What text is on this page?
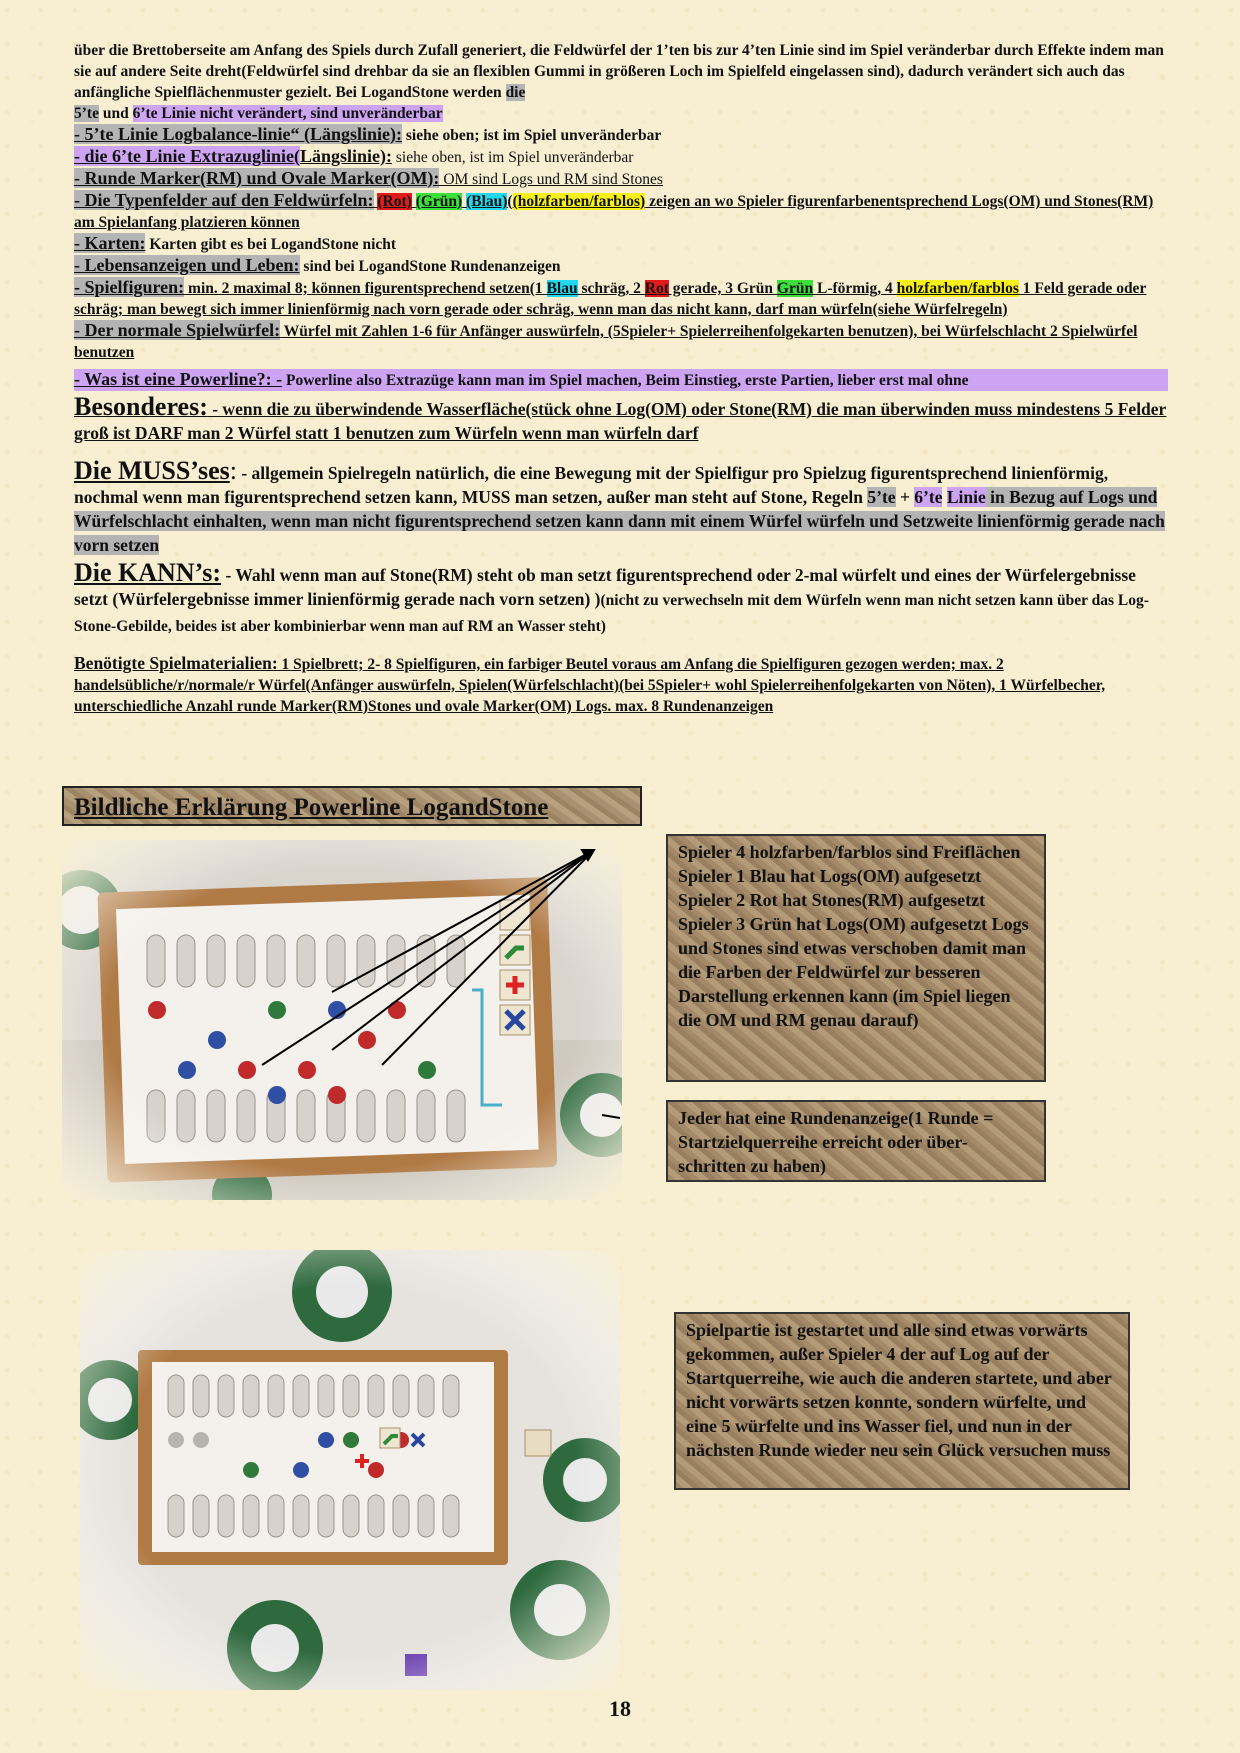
über die Brettoberseite am Anfang des Spiels durch Zufall generiert, die Feldwürfel der 1’ten bis zur 4’ten Linie sind im Spiel veränderbar durch Effekte indem man sie auf andere Seite dreht(Feldwürfel sind drehbar da sie an flexiblen Gummi in größeren Loch im Spielfeld eingelassen sind), dadurch verändert sich auch das anfängliche Spielflächenmuster gezielt. Bei LogandStone werden die
5’te und 6’te Linie nicht verändert, sind unveränderbar

- 5’te Linie Logbalance-linie“ (Längslinie): siehe oben; ist im Spiel unveränderbar

- die 6’te Linie Extrazuglinie(Längslinie): siehe oben, ist im Spiel unveränderbar

- Runde Marker(RM) und Ovale Marker(OM): OM sind Logs und RM sind Stones

- Die Typenfelder auf den Feldwürfeln: (Rot) (Grün) (Blau)((holzfarben/farblos) zeigen an wo Spieler figurenfarbenentsprechend Logs(OM) und Stones(RM) am Spielanfang platzieren können

- Karten: Karten gibt es bei LogandStone nicht

- Lebensanzeigen und Leben: sind bei LogandStone Rundenanzeigen

- Spielfiguren: min. 2 maximal 8; können figurentsprechend setzen(1 Blau schräg, 2 Rot gerade, 3 Grün Grün L-förmig, 4 holzfarben/farblos 1 Feld gerade oder schräg; man bewegt sich immer linienförmig nach vorn gerade oder schräg, wenn man das nicht kann, darf man würfeln(siehe Würfelregeln)

- Der normale Spielwürfel: Würfel mit Zahlen 1-6 für Anfänger auswürfeln, (5Spieler+ Spielerreihenfolgekarten benutzen), bei Würfelschlacht 2 Spielwürfel benutzen

- Was ist eine Powerline?: - Powerline also Extrazüge kann man im Spiel machen, Beim Einstieg, erste Partien, lieber erst mal ohne

Besonderes: - wenn die zu überwindende Wasserfläche(stück ohne Log(OM) oder Stone(RM) die man überwinden muss mindestens 5 Felder groß ist DARF man 2 Würfel statt 1 benutzen zum Würfeln wenn man würfeln darf

Die MUSS’ses: - allgemein Spielregeln natürlich, die eine Bewegung mit der Spielfigur pro Spielzug figurentsprechend linienförmig, nochmal wenn man figurentsprechend setzen kann, MUSS man setzen, außer man steht auf Stone, Regeln 5’te + 6’te Linie in Bezug auf Logs und Würfelschlacht einhalten, wenn man nicht figurentsprechend setzen kann dann mit einem Würfel würfeln und Setzweite linienförmig gerade nach vorn setzen

Die KANN’s: - Wahl wenn man auf Stone(RM) steht ob man setzt figurentsprechend oder 2-mal würfelt und eines der Würfelergebnisse setzt (Würfelergebnisse immer linienförmig gerade nach vorn setzen) )(nicht zu verwechseln mit dem Würfeln wenn man nicht setzen kann über das Log-Stone-Gebilde, beides ist aber kombinierbar wenn man auf RM an Wasser steht)

Benötigte Spielmaterialien: 1 Spielbrett; 2- 8 Spielfiguren, ein farbiger Beutel voraus am Anfang die Spielfiguren gezogen werden; max. 2 handelsübliche/r/normale/r Würfel(Anfänger auswürfeln, Spielen(Würfelschlacht)(bei 5Spieler+ wohl Spielerreihenfolgekarten von Nöten), 1 Würfelbecher, unterschiedliche Anzahl runde Marker(RM)Stones und ovale Marker(OM) Logs. max. 8 Rundenanzeigen

Bildliche Erklärung Powerline LogandStone
Spieler 4 holzfarben/farblos sind Freiflächen Spieler 1 Blau hat Logs(OM) aufgesetzt Spieler 2 Rot hat Stones(RM) aufgesetzt Spieler 3 Grün hat Logs(OM) aufgesetzt Logs und Stones sind etwas verschoben damit man die Farben der Feldwürfel zur besseren Darstellung erkennen kann (im Spiel liegen die OM und RM genau darauf)
Jeder hat eine Rundenanzeige(1 Runde = Startzielquerreihe erreicht oder über-schritten zu haben)
Spielpartie ist gestartet und alle sind etwas vorwärts gekommen, außer Spieler 4 der auf Log auf der Startquerreihe, wie auch die anderen startete, und aber nicht vorwärts setzen konnte, sondern würfelte, und eine 5 würfelte und ins Wasser fiel, und nun in der nächsten Runde wieder neu sein Glück versuchen muss
18
